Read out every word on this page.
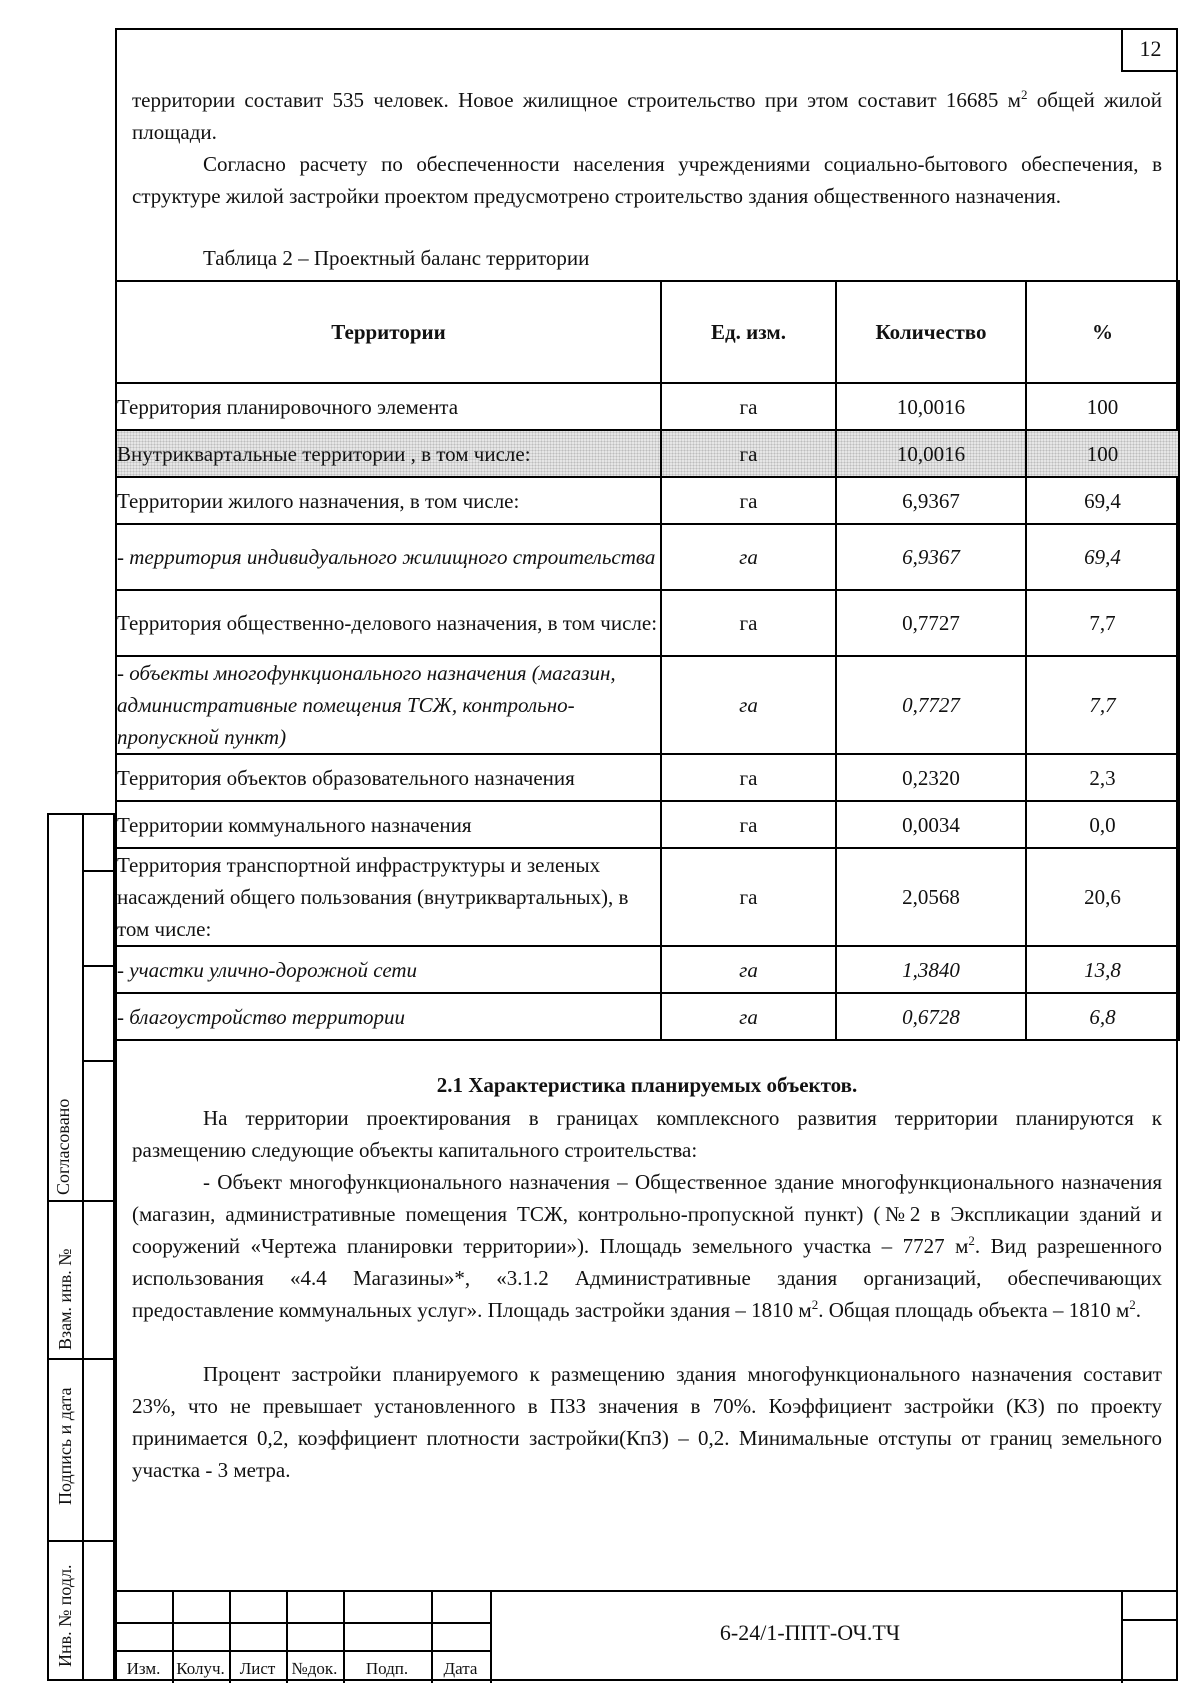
12
территории составит 535 человек. Новое жилищное строительство при этом составит 16685 $м^2$ общей жилой площади.
Согласно расчету по обеспеченности населения учреждениями социально-бытового обеспечения, в структуре жилой застройки проектом предусмотрено строительство здания общественного назначения.
Таблица 2 – Проектный баланс территории
Территории	Ед. изм.	Количество	%
Территория планировочного элемента	га	10,0016	100
Внутриквартальные территории , в том числе:	га	10,0016	100
Территории жилого назначения, в том числе:	га	6,9367	69,4
- территория индивидуального жилищного строительства	га	6,9367	69,4
Территория общественно-делового назначения, в том числе:	га	0,7727	7,7
- объекты многофункционального назначения (магазин, административные помещения ТСЖ, контрольно-пропускной пункт)	га	0,7727	7,7
Территория объектов образовательного назначения	га	0,2320	2,3
Территории коммунального назначения	га	0,0034	0,0
Территория транспортной инфраструктуры и зеленых насаждений общего пользования (внутриквартальных), в том числе:	га	2,0568	20,6
- участки улично-дорожной сети	га	1,3840	13,8
- благоустройство территории	га	0,6728	6,8
2.1 Характеристика планируемых объектов.
На территории проектирования в границах комплексного развития территории планируются к размещению следующие объекты капитального строительства:
- Объект многофункционального назначения – Общественное здание многофункционального назначения (магазин, административные помещения ТСЖ, контрольно-пропускной пункт) (№2 в Экспликации зданий и сооружений «Чертежа планировки территории»). Площадь земельного участка – 7727 $м^2$. Вид разрешенного использования «4.4 Магазины»*, «3.1.2 Административные здания организаций, обеспечивающих предоставление коммунальных услуг». Площадь застройки здания – 1810 $м^2$. Общая площадь объекта – 1810 $м^2$.
Процент застройки планируемого к размещению здания многофункционального назначения составит 23%, что не превышает установленного в ПЗЗ значения в 70%. Коэффициент застройки (КЗ) по проекту принимается 0,2, коэффициент плотности застройки(КпЗ) – 0,2. Минимальные отступы от границ земельного участка - 3 метра.
Согласовано
Взам. инв. №
Подпись и дата
Инв. № подл.
Изм. Колуч. Лист №док.	Подп.	Дата
6-24/1-ППТ-ОЧ.ТЧ
